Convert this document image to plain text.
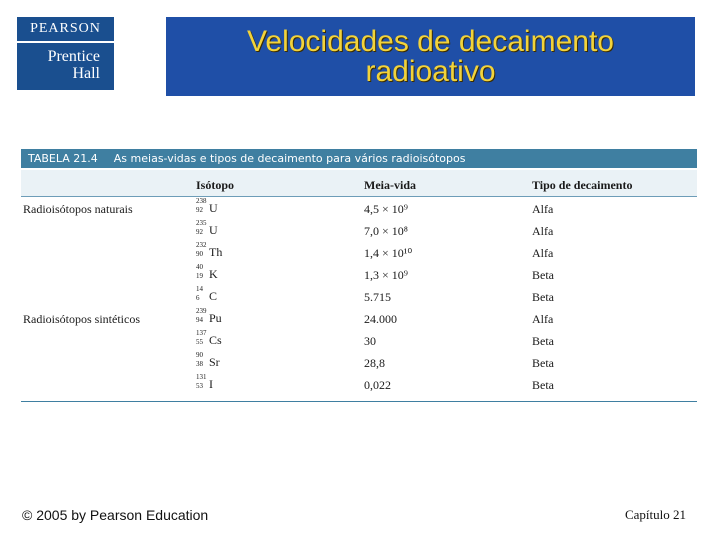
PEARSON
Prentice
Hall
Velocidades de decaimento
radioativo
TABELA 21.4 As meias-vidas e tipos de decaimento para vários radioisótopos
Isótopo	Meia-vida	Tipo de decaimento
Radioisótopos naturais
238
92 U	4,5 × 10⁹	Alfa
235
92 U	7,0 × 10⁸	Alfa
232
90 Th	1,4 × 10¹⁰	Alfa
40
19 K	1,3 × 10⁹	Beta
14
6 C	5.715	Beta
Radioisótopos sintéticos
239
94 Pu	24.000	Alfa
137
55 Cs	30	Beta
90
38 Sr	28,8	Beta
131
53 I	0,022	Beta
© 2005 by Pearson Education	Capítulo 21
